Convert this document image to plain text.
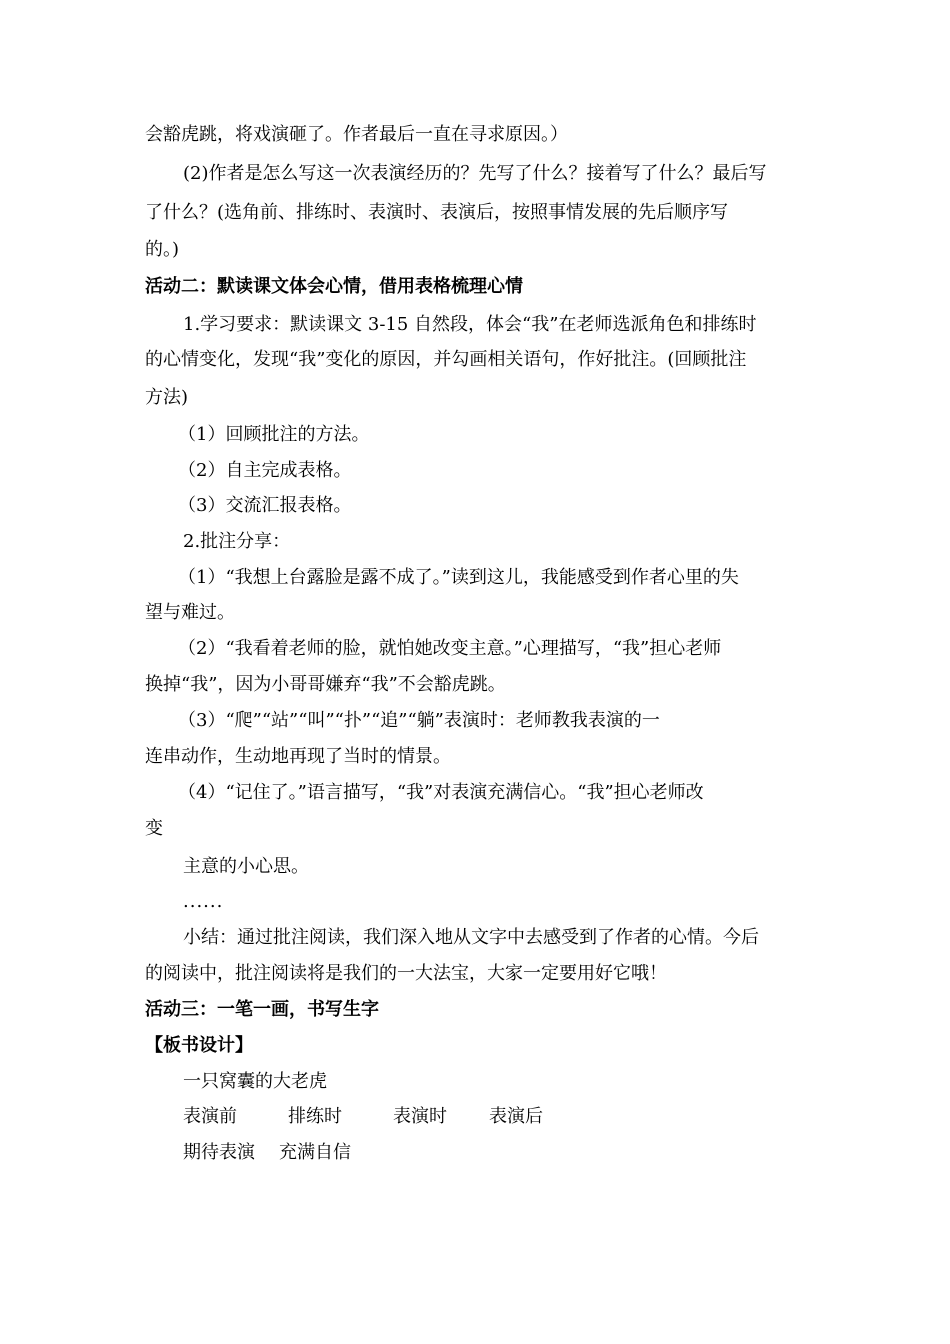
会豁虎跳，将戏演砸了。作者最后一直在寻求原因。）

(2)作者是怎么写这一次表演经历的？先写了什么？接着写了什么？最后写

了什么？(选角前、排练时、表演时、表演后，按照事情发展的先后顺序写

的。)

活动二：默读课文体会心情，借用表格梳理心情

1.学习要求：默读课文 3-15 自然段，体会“我”在老师选派角色和排练时

的心情变化，发现“我”变化的原因，并勾画相关语句，作好批注。(回顾批注

方法)

（1）回顾批注的方法。

（2）自主完成表格。

（3）交流汇报表格。

2.批注分享：

（1）“我想上台露脸是露不成了。”读到这儿，我能感受到作者心里的失

望与难过。

（2）“我看着老师的脸，就怕她改变主意。”心理描写，“我”担心老师

换掉“我”，因为小哥哥嫌弃“我”不会豁虎跳。

（3）“爬”“站”“叫”“扑”“追”“躺”表演时：老师教我表演的一

连串动作，生动地再现了当时的情景。

（4）“记住了。”语言描写，“我”对表演充满信心。“我”担心老师改

变

主意的小心思。

......

小结：通过批注阅读，我们深入地从文字中去感受到了作者的心情。今后

的阅读中，批注阅读将是我们的一大法宝，大家一定要用好它哦！

活动三：一笔一画，书写生字

【板书设计】

一只窝囊的大老虎
表演前	排练时	表演时 表演后
期待表演 充满自信
